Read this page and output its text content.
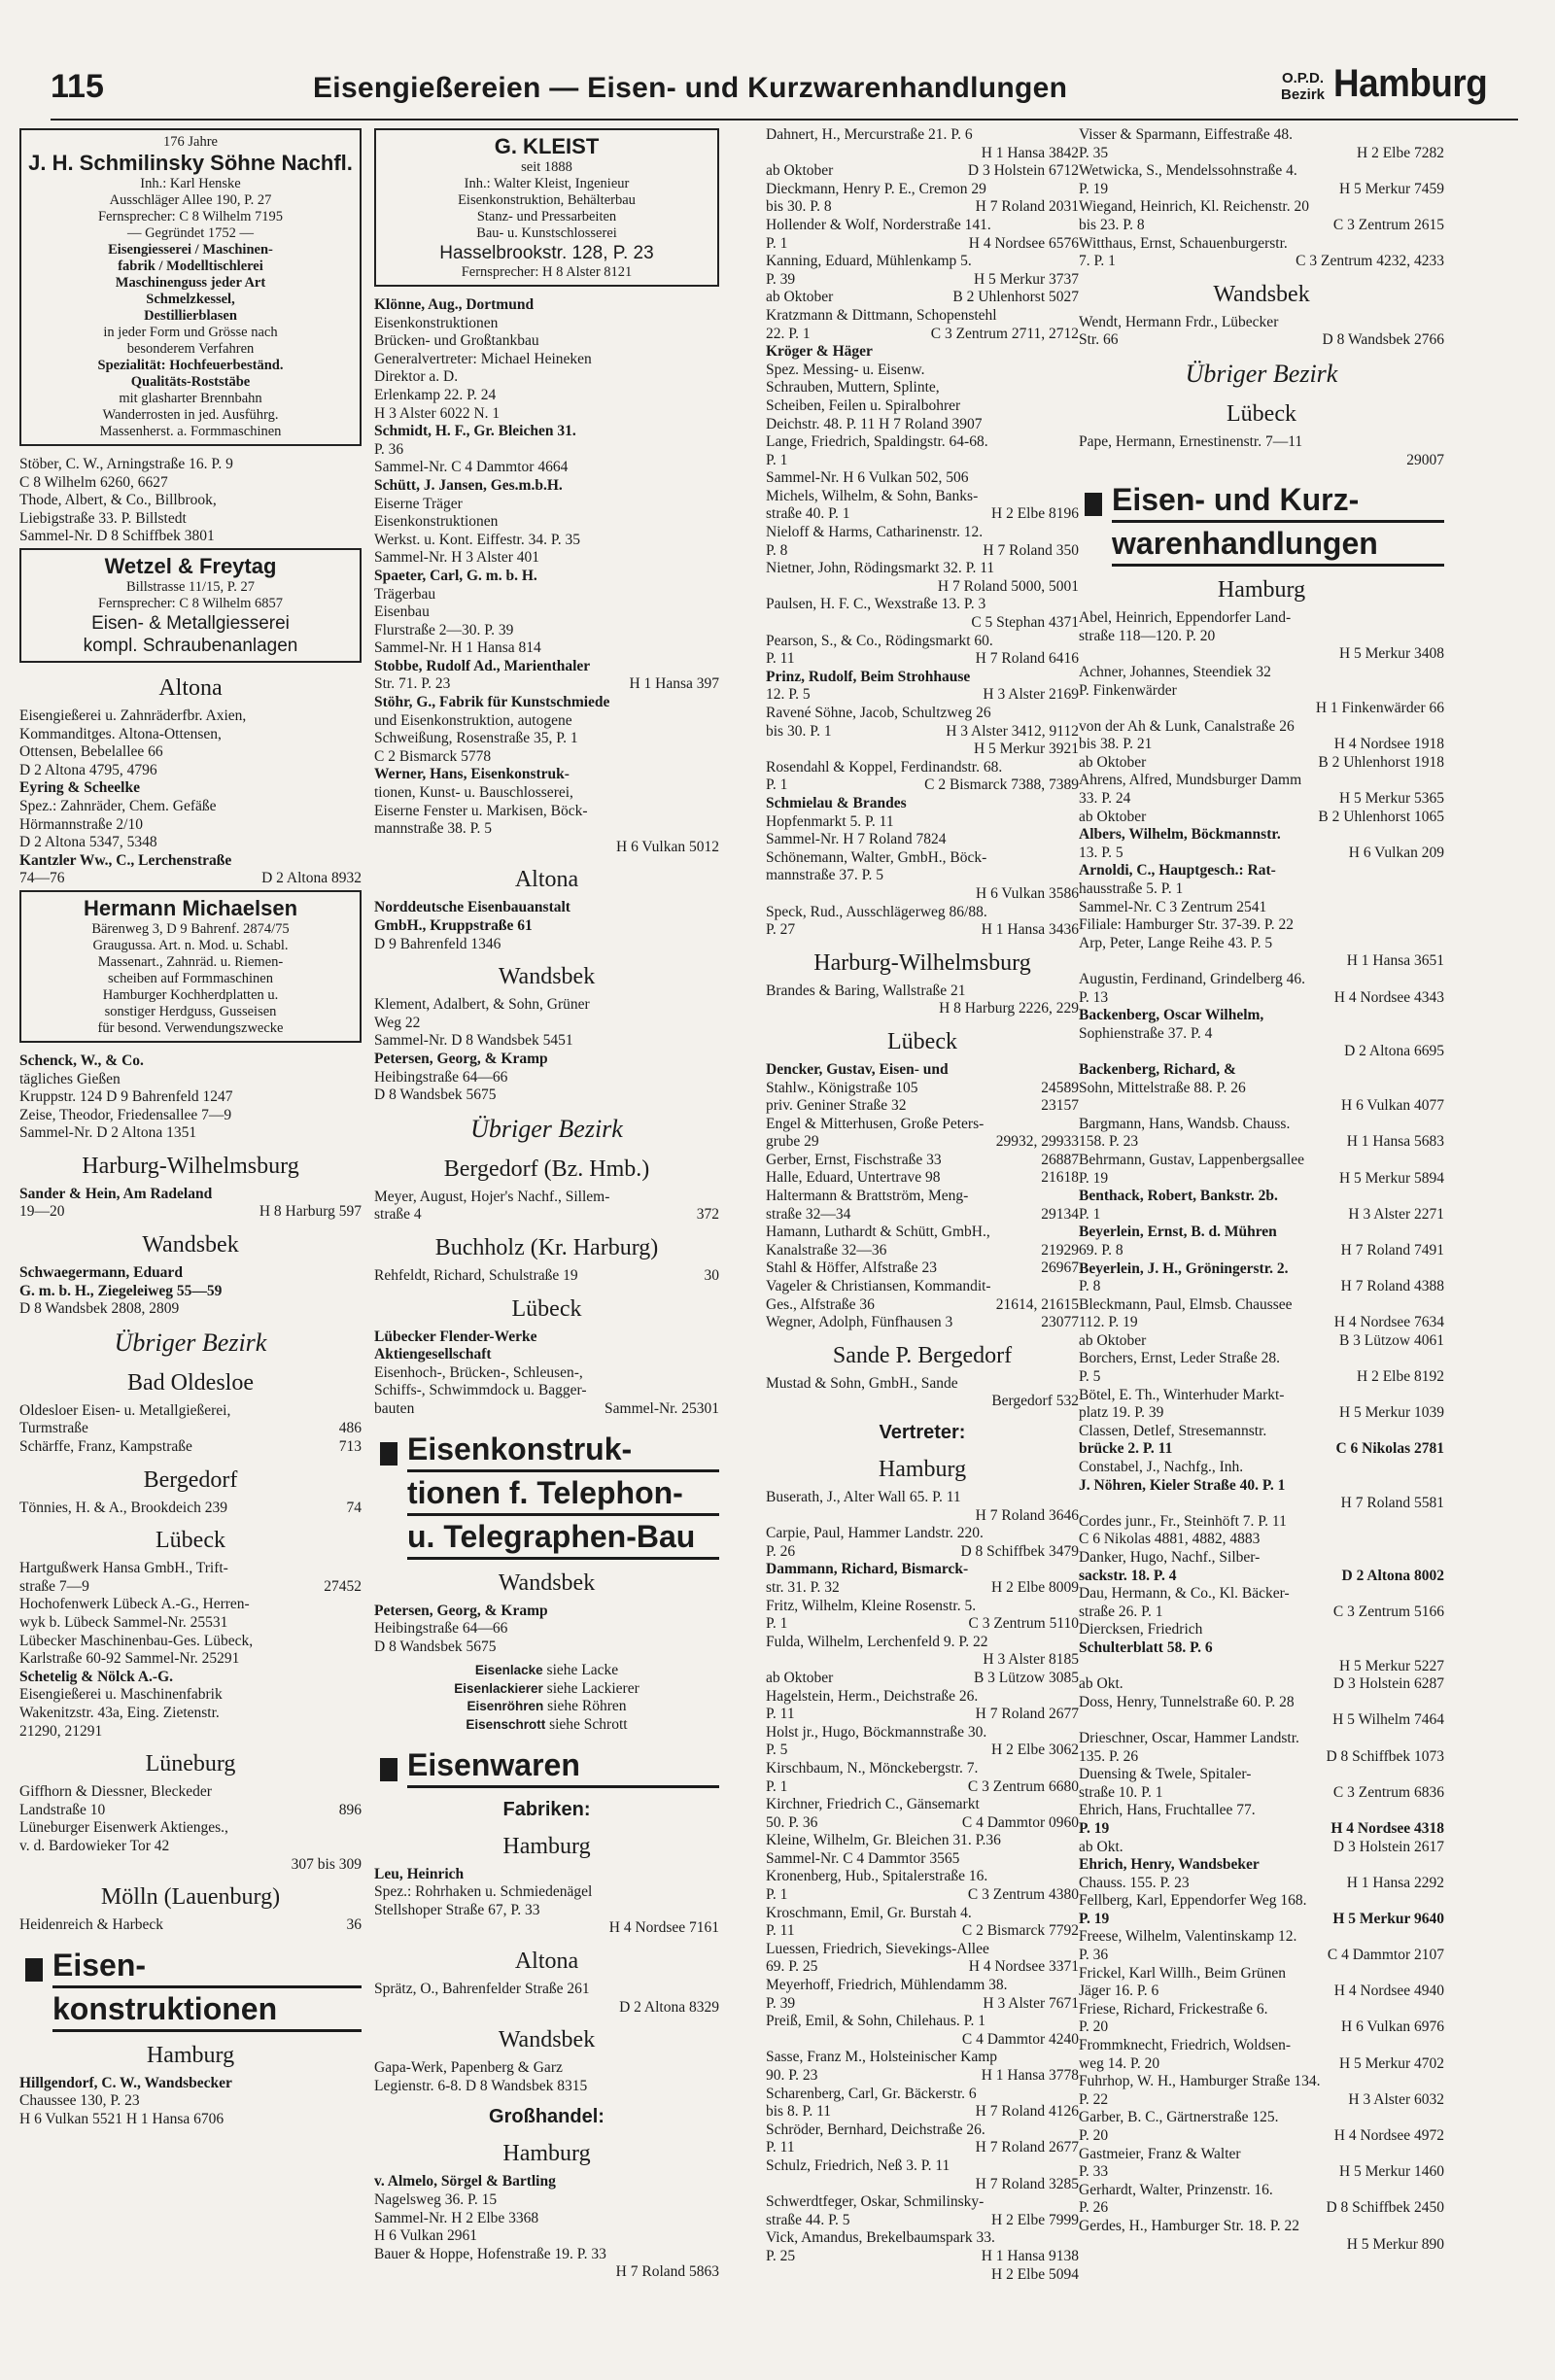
115	Eisengießereien — Eisen- und Kurzwarenhandlungen	O.P.D.
Bezirk Hamburg
176 Jahre
J. H. Schmilinsky Söhne Nachfl.
Inh.: Karl Henske
Ausschläger Allee 190, P. 27
Fernsprecher: C 8 Wilhelm 7195
— Gegründet 1752 —
Eisengiesserei / Maschinen-
fabrik / Modelltischlerei
Maschinenguss jeder Art
Schmelzkessel,
Destillierblasen
in jeder Form und Grösse nach
besonderem Verfahren
Spezialität: Hochfeuerbeständ.
Qualitäts-Roststäbe
mit glasharter Brennbahn
Wanderrosten in jed. Ausführg.
Massenherst. a. Formmaschinen
Stöber, C. W., Arningstraße 16. P. 9
C 8 Wilhelm 6260, 6627
Thode, Albert, & Co., Billbrook,
Liebigstraße 33. P. Billstedt
Sammel-Nr. D 8 Schiffbek 3801
Wetzel & Freytag
Billstrasse 11/15, P. 27
Fernsprecher: C 8 Wilhelm 6857
Eisen- & Metallgiesserei
kompl. Schraubenanlagen
Altona
Eisengießerei u. Zahnräderfbr. Axien,
Kommanditges. Altona-Ottensen,
Ottensen, Bebelallee 66
D 2 Altona 4795, 4796
Eyring & Scheelke
Spez.: Zahnräder, Chem. Gefäße
Hörmannstraße 2/10
D 2 Altona 5347, 5348
Kantzler Ww., C., Lerchenstraße
D 2 Altona 8932
74—76
Hermann Michaelsen
Bärenweg 3, D 9 Bahrenf. 2874/75
Graugussa. Art. n. Mod. u. Schabl.
Massenart., Zahnräd. u. Riemen-
scheiben auf Formmaschinen
Hamburger Kochherdplatten u.
sonstiger Herdguss, Gusseisen
für besond. Verwendungszwecke
Schenck, W., & Co.
tägliches Gießen
Kruppstr. 124 D 9 Bahrenfeld 1247
Zeise, Theodor, Friedensallee 7—9
Sammel-Nr. D 2 Altona 1351
Harburg-Wilhelmsburg
Sander & Hein, Am Radeland
H 8 Harburg 597
19—20
Wandsbek
Schwaegermann, Eduard
G. m. b. H., Ziegeleiweg 55—59
D 8 Wandsbek 2808, 2809
Übriger Bezirk
Bad Oldesloe
Oldesloer Eisen- u. Metallgießerei,
486
Turmstraße
713
Schärffe, Franz, Kampstraße
Bergedorf
74
Tönnies, H. & A., Brookdeich 239
Lübeck
Hartgußwerk Hansa GmbH., Trift-
27452
straße 7—9
Hochofenwerk Lübeck A.-G., Herren-
wyk b. Lübeck Sammel-Nr. 25531
Lübecker Maschinenbau-Ges. Lübeck,
Karlstraße 60-92 Sammel-Nr. 25291
Schetelig & Nölck A.-G.
Eisengießerei u. Maschinenfabrik
Wakenitzstr. 43a, Eing. Zietenstr.
21290, 21291
Lüneburg
Giffhorn & Diessner, Bleckeder
896
Landstraße 10
Lüneburger Eisenwerk Aktienges.,
v. d. Bardowieker Tor 42
307 bis 309
Mölln (Lauenburg)
36
Heidenreich & Harbeck
Eisen-
konstruktionen
Hamburg
Hillgendorf, C. W., Wandsbecker
Chaussee 130, P. 23
H 6 Vulkan 5521 H 1 Hansa 6706
G. KLEIST
seit 1888
Inh.: Walter Kleist, Ingenieur
Eisenkonstruktion, Behälterbau
Stanz- und Pressarbeiten
Bau- u. Kunstschlosserei
Hasselbrookstr. 128, P. 23
Fernsprecher: H 8 Alster 8121
Klönne, Aug., Dortmund
Eisenkonstruktionen
Brücken- und Großtankbau
Generalvertreter: Michael Heineken
Direktor a. D.
Erlenkamp 22. P. 24
H 3 Alster 6022 N. 1
Schmidt, H. F., Gr. Bleichen 31.
P. 36
Sammel-Nr. C 4 Dammtor 4664
Schütt, J. Jansen, Ges.m.b.H.
Eiserne Träger
Eisenkonstruktionen
Werkst. u. Kont. Eiffestr. 34. P. 35
Sammel-Nr. H 3 Alster 401
Spaeter, Carl, G. m. b. H.
Trägerbau
Eisenbau
Flurstraße 2—30. P. 39
Sammel-Nr. H 1 Hansa 814
Stobbe, Rudolf Ad., Marienthaler
H 1 Hansa 397
Str. 71. P. 23
Stöhr, G., Fabrik für Kunstschmiede
und Eisenkonstruktion, autogene
Schweißung, Rosenstraße 35, P. 1
C 2 Bismarck 5778
Werner, Hans, Eisenkonstruk-
tionen, Kunst- u. Bauschlosserei,
Eiserne Fenster u. Markisen, Böck-
mannstraße 38. P. 5
H 6 Vulkan 5012
Altona
Norddeutsche Eisenbauanstalt
GmbH., Kruppstraße 61
D 9 Bahrenfeld 1346
Wandsbek
Klement, Adalbert, & Sohn, Grüner
Weg 22
Sammel-Nr. D 8 Wandsbek 5451
Petersen, Georg, & Kramp
Heibingstraße 64—66
D 8 Wandsbek 5675
Übriger Bezirk
Bergedorf (Bz. Hmb.)
Meyer, August, Hojer's Nachf., Sillem-
372
straße 4
Buchholz (Kr. Harburg)
30
Rehfeldt, Richard, Schulstraße 19
Lübeck
Lübecker Flender-Werke
Aktiengesellschaft
Eisenhoch-, Brücken-, Schleusen-,
Schiffs-, Schwimmdock u. Bagger-
Sammel-Nr. 25301
bauten
Eisenkonstruk-
tionen f. Telephon-
u. Telegraphen-Bau
Wandsbek
Petersen, Georg, & Kramp
Heibingstraße 64—66
D 8 Wandsbek 5675
Eisenlacke siehe Lacke
Eisenlackierer siehe Lackierer
Eisenröhren siehe Röhren
Eisenschrott siehe Schrott
Eisenwaren
Fabriken:
Hamburg
Leu, Heinrich
Spez.: Rohrhaken u. Schmiedenägel
Stellshoper Straße 67, P. 33
H 4 Nordsee 7161
Altona
Sprätz, O., Bahrenfelder Straße 261
D 2 Altona 8329
Wandsbek
Gapa-Werk, Papenberg & Garz
Legienstr. 6-8. D 8 Wandsbek 8315
Großhandel:
Hamburg
v. Almelo, Sörgel & Bartling
Nagelsweg 36. P. 15
Sammel-Nr. H 2 Elbe 3368
H 6 Vulkan 2961
Bauer & Hoppe, Hofenstraße 19. P. 33
H 7 Roland 5863
Dahnert, H., Mercurstraße 21. P. 6
H 1 Hansa 3842
D 3 Holstein 6712
ab Oktober
Dieckmann, Henry P. E., Cremon 29
H 7 Roland 2031
bis 30. P. 8
Hollender & Wolf, Norderstraße 141.
H 4 Nordsee 6576
P. 1
Kanning, Eduard, Mühlenkamp 5.
H 5 Merkur 3737
P. 39
B 2 Uhlenhorst 5027
ab Oktober
Kratzmann & Dittmann, Schopenstehl
C 3 Zentrum 2711, 2712
22. P. 1
Kröger & Häger
Spez. Messing- u. Eisenw.
Schrauben, Muttern, Splinte,
Scheiben, Feilen u. Spiralbohrer
Deichstr. 48. P. 11 H 7 Roland 3907
Lange, Friedrich, Spaldingstr. 64-68.
P. 1
Sammel-Nr. H 6 Vulkan 502, 506
Michels, Wilhelm, & Sohn, Banks-
H 2 Elbe 8196
straße 40. P. 1
Nieloff & Harms, Catharinenstr. 12.
H 7 Roland 350
P. 8
Nietner, John, Rödingsmarkt 32. P. 11
H 7 Roland 5000, 5001
Paulsen, H. F. C., Wexstraße 13. P. 3
C 5 Stephan 4371
Pearson, S., & Co., Rödingsmarkt 60.
H 7 Roland 6416
P. 11
Prinz, Rudolf, Beim Strohhause
H 3 Alster 2169
12. P. 5
Ravené Söhne, Jacob, Schultzweg 26
H 3 Alster 3412, 9112
bis 30. P. 1
H 5 Merkur 3921
Rosendahl & Koppel, Ferdinandstr. 68.
C 2 Bismarck 7388, 7389
P. 1
Schmielau & Brandes
Hopfenmarkt 5. P. 11
Sammel-Nr. H 7 Roland 7824
Schönemann, Walter, GmbH., Böck-
mannstraße 37. P. 5
H 6 Vulkan 3586
Speck, Rud., Ausschlägerweg 86/88.
H 1 Hansa 3436
P. 27
Harburg-Wilhelmsburg
Brandes & Baring, Wallstraße 21
H 8 Harburg 2226, 229
Lübeck
Dencker, Gustav, Eisen- und
24589
Stahlw., Königstraße 105
23157
priv. Geniner Straße 32
Engel & Mitterhusen, Große Peters-
29932, 29933
grube 29
26887
Gerber, Ernst, Fischstraße 33
21618
Halle, Eduard, Untertrave 98
Haltermann & Brattström, Meng-
29134
straße 32—34
Hamann, Luthardt & Schütt, GmbH.,
21929
Kanalstraße 32—36
26967
Stahl & Höffer, Alfstraße 23
Vageler & Christiansen, Kommandit-
21614, 21615
Ges., Alfstraße 36
23077
Wegner, Adolph, Fünfhausen 3
Sande P. Bergedorf
Mustad & Sohn, GmbH., Sande
Bergedorf 532
Vertreter:
Hamburg
Buserath, J., Alter Wall 65. P. 11
H 7 Roland 3646
Carpie, Paul, Hammer Landstr. 220.
D 8 Schiffbek 3479
P. 26
Dammann, Richard, Bismarck-
H 2 Elbe 8009
str. 31. P. 32
Fritz, Wilhelm, Kleine Rosenstr. 5.
C 3 Zentrum 5110
P. 1
Fulda, Wilhelm, Lerchenfeld 9. P. 22
H 3 Alster 8185
B 3 Lützow 3085
ab Oktober
Hagelstein, Herm., Deichstraße 26.
H 7 Roland 2677
P. 11
Holst jr., Hugo, Böckmannstraße 30.
H 2 Elbe 3062
P. 5
Kirschbaum, N., Mönckebergstr. 7.
C 3 Zentrum 6680
P. 1
Kirchner, Friedrich C., Gänsemarkt
C 4 Dammtor 0960
50. P. 36
Kleine, Wilhelm, Gr. Bleichen 31. P.36
Sammel-Nr. C 4 Dammtor 3565
Kronenberg, Hub., Spitalerstraße 16.
C 3 Zentrum 4380
P. 1
Kroschmann, Emil, Gr. Burstah 4.
C 2 Bismarck 7792
P. 11
Luessen, Friedrich, Sievekings-Allee
H 4 Nordsee 3371
69. P. 25
Meyerhoff, Friedrich, Mühlendamm 38.
H 3 Alster 7671
P. 39
Preiß, Emil, & Sohn, Chilehaus. P. 1
C 4 Dammtor 4240
Sasse, Franz M., Holsteinischer Kamp
H 1 Hansa 3778
90. P. 23
Scharenberg, Carl, Gr. Bäckerstr. 6
H 7 Roland 4126
bis 8. P. 11
Schröder, Bernhard, Deichstraße 26.
H 7 Roland 2677
P. 11
Schulz, Friedrich, Neß 3. P. 11
H 7 Roland 3285
Schwerdtfeger, Oskar, Schmilinsky-
H 2 Elbe 7999
straße 44. P. 5
Vick, Amandus, Brekelbaumspark 33.
H 1 Hansa 9138
P. 25
H 2 Elbe 5094
Visser & Sparmann, Eiffestraße 48.
H 2 Elbe 7282
P. 35
Wetwicka, S., Mendelssohnstraße 4.
H 5 Merkur 7459
P. 19
Wiegand, Heinrich, Kl. Reichenstr. 20
C 3 Zentrum 2615
bis 23. P. 8
Witthaus, Ernst, Schauenburgerstr.
C 3 Zentrum 4232, 4233
7. P. 1
Wandsbek
Wendt, Hermann Frdr., Lübecker
D 8 Wandsbek 2766
Str. 66
Übriger Bezirk
Lübeck
Pape, Hermann, Ernestinenstr. 7—11
29007
Eisen- und Kurz-
warenhandlungen
Hamburg
Abel, Heinrich, Eppendorfer Land-
straße 118—120. P. 20
H 5 Merkur 3408
Achner, Johannes, Steendiek 32
P. Finkenwärder
H 1 Finkenwärder 66
von der Ah & Lunk, Canalstraße 26
H 4 Nordsee 1918
bis 38. P. 21
B 2 Uhlenhorst 1918
ab Oktober
Ahrens, Alfred, Mundsburger Damm
H 5 Merkur 5365
33. P. 24
B 2 Uhlenhorst 1065
ab Oktober
Albers, Wilhelm, Böckmannstr.
H 6 Vulkan 209
13. P. 5
Arnoldi, C., Hauptgesch.: Rat-
hausstraße 5. P. 1
Sammel-Nr. C 3 Zentrum 2541
Filiale: Hamburger Str. 37-39. P. 22
Arp, Peter, Lange Reihe 43. P. 5
H 1 Hansa 3651
Augustin, Ferdinand, Grindelberg 46.
H 4 Nordsee 4343
P. 13
Backenberg, Oscar Wilhelm,
Sophienstraße 37. P. 4
D 2 Altona 6695
Backenberg, Richard, &
Sohn, Mittelstraße 88. P. 26
H 6 Vulkan 4077
Bargmann, Hans, Wandsb. Chauss.
H 1 Hansa 5683
158. P. 23
Behrmann, Gustav, Lappenbergsallee
H 5 Merkur 5894
P. 19
Benthack, Robert, Bankstr. 2b.
H 3 Alster 2271
P. 1
Beyerlein, Ernst, B. d. Mühren
H 7 Roland 7491
69. P. 8
Beyerlein, J. H., Gröningerstr. 2.
H 7 Roland 4388
P. 8
Bleckmann, Paul, Elmsb. Chaussee
H 4 Nordsee 7634
112. P. 19
B 3 Lützow 4061
ab Oktober
Borchers, Ernst, Leder Straße 28.
H 2 Elbe 8192
P. 5
Bötel, E. Th., Winterhuder Markt-
H 5 Merkur 1039
platz 19. P. 39
Classen, Detlef, Stresemannstr.
C 6 Nikolas 2781
brücke 2. P. 11
Constabel, J., Nachfg., Inh.
J. Nöhren, Kieler Straße 40. P. 1
H 7 Roland 5581
Cordes junr., Fr., Steinhöft 7. P. 11
C 6 Nikolas 4881, 4882, 4883
Danker, Hugo, Nachf., Silber-
D 2 Altona 8002
sackstr. 18. P. 4
Dau, Hermann, & Co., Kl. Bäcker-
C 3 Zentrum 5166
straße 26. P. 1
Diercksen, Friedrich
Schulterblatt 58. P. 6
H 5 Merkur 5227
D 3 Holstein 6287
ab Okt.
Doss, Henry, Tunnelstraße 60. P. 28
H 5 Wilhelm 7464
Drieschner, Oscar, Hammer Landstr.
D 8 Schiffbek 1073
135. P. 26
Duensing & Twele, Spitaler-
C 3 Zentrum 6836
straße 10. P. 1
Ehrich, Hans, Fruchtallee 77.
H 4 Nordsee 4318
P. 19
D 3 Holstein 2617
ab Okt.
Ehrich, Henry, Wandsbeker
H 1 Hansa 2292
Chauss. 155. P. 23
Fellberg, Karl, Eppendorfer Weg 168.
H 5 Merkur 9640
P. 19
Freese, Wilhelm, Valentinskamp 12.
C 4 Dammtor 2107
P. 36
Frickel, Karl Willh., Beim Grünen
H 4 Nordsee 4940
Jäger 16. P. 6
Friese, Richard, Frickestraße 6.
H 6 Vulkan 6976
P. 20
Frommknecht, Friedrich, Woldsen-
H 5 Merkur 4702
weg 14. P. 20
Fuhrhop, W. H., Hamburger Straße 134.
H 3 Alster 6032
P. 22
Garber, B. C., Gärtnerstraße 125.
H 4 Nordsee 4972
P. 20
Gastmeier, Franz & Walter
H 5 Merkur 1460
P. 33
Gerhardt, Walter, Prinzenstr. 16.
D 8 Schiffbek 2450
P. 26
Gerdes, H., Hamburger Str. 18. P. 22
H 5 Merkur 890
